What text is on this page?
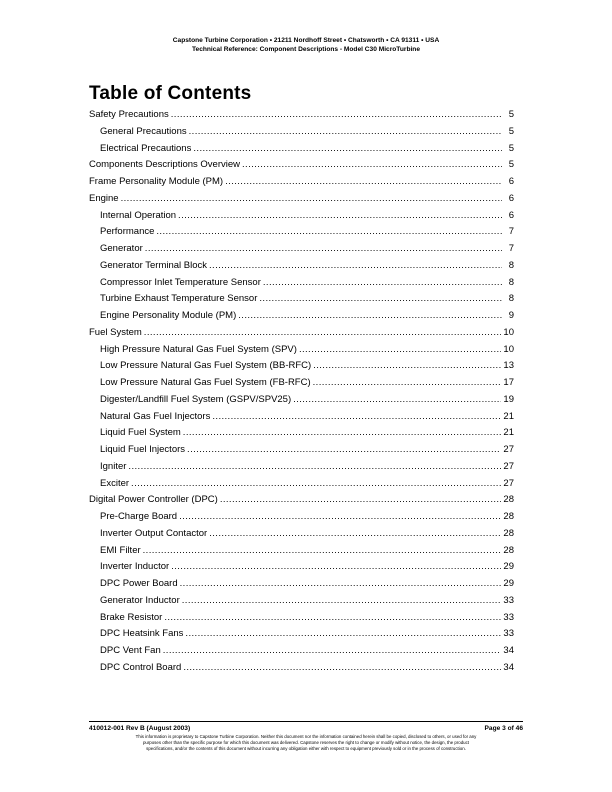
Capstone Turbine Corporation • 21211 Nordhoff Street • Chatsworth • CA 91311 • USA
Technical Reference: Component Descriptions - Model C30 MicroTurbine
Table of Contents
Safety Precautions .....	5
General Precautions .....	5
Electrical Precautions .....	5
Components Descriptions Overview .....	5
Frame Personality Module (PM) .....	6
Engine .....	6
Internal Operation .....	6
Performance .....	7
Generator .....	7
Generator Terminal Block .....	8
Compressor Inlet Temperature Sensor .....	8
Turbine Exhaust Temperature Sensor .....	8
Engine Personality Module (PM) .....	9
Fuel System .....	10
High Pressure Natural Gas Fuel System (SPV) .....	10
Low Pressure Natural Gas Fuel System (BB-RFC) .....	13
Low Pressure Natural Gas Fuel System (FB-RFC) .....	17
Digester/Landfill Fuel System (GSPV/SPV25) .....	19
Natural Gas Fuel Injectors .....	21
Liquid Fuel System .....	21
Liquid Fuel Injectors .....	27
Igniter .....	27
Exciter .....	27
Digital Power Controller (DPC) .....	28
Pre-Charge Board .....	28
Inverter Output Contactor .....	28
EMI Filter .....	28
Inverter Inductor .....	29
DPC Power Board .....	29
Generator Inductor .....	33
Brake Resistor .....	33
DPC Heatsink Fans .....	33
DPC Vent Fan .....	34
DPC Control Board .....	34
410012-001 Rev B (August 2003)	Page 3 of 46
This information is proprietary to Capstone Turbine Corporation. Neither this document nor the information contained herein shall be copied, disclosed to others, or used for any
purposes other than the specific purpose for which this document was delivered. Capstone reserves the right to change or modify without notice, the design, the product
specifications, and/or the contents of this document without incurring any obligation either with respect to equipment previously sold or in the process of construction.
